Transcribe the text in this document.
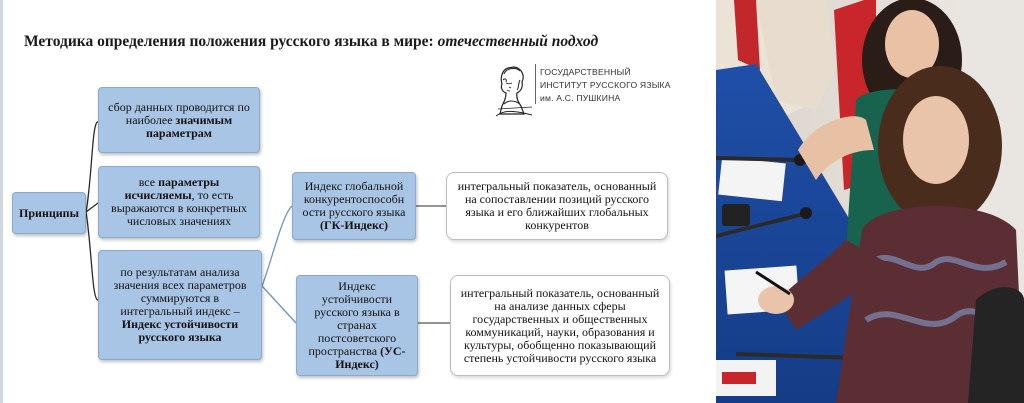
Методика определения положения русского языка в мире: отечественный подход
ГОСУДАРСТВЕННЫЙ
ИНСТИТУТ РУССКОГО ЯЗЫКА
им. А.С. ПУШКИНА
Принципы
сбор данных проводится по наиболее значимым параметрам
все параметры исчисляемы, то есть выражаются в конкретных числовых значениях
по результатам анализа значения всех параметров суммируются в интегральный индекс – Индекс устойчивости русского языка
Индекс глобальной конкурентоспособн ости русского языка (ГК-Индекс)
Индекс устойчивости русского языка в странах постсоветского пространства (УС-Индекс)
интегральный показатель, основанный на сопоставлении позиций русского языка и его ближайших глобальных конкурентов
интегральный показатель, основанный на анализе данных сферы государственных и общественных коммуникаций, науки, образования и культуры, обобщенно показывающий степень устойчивости русского языка
